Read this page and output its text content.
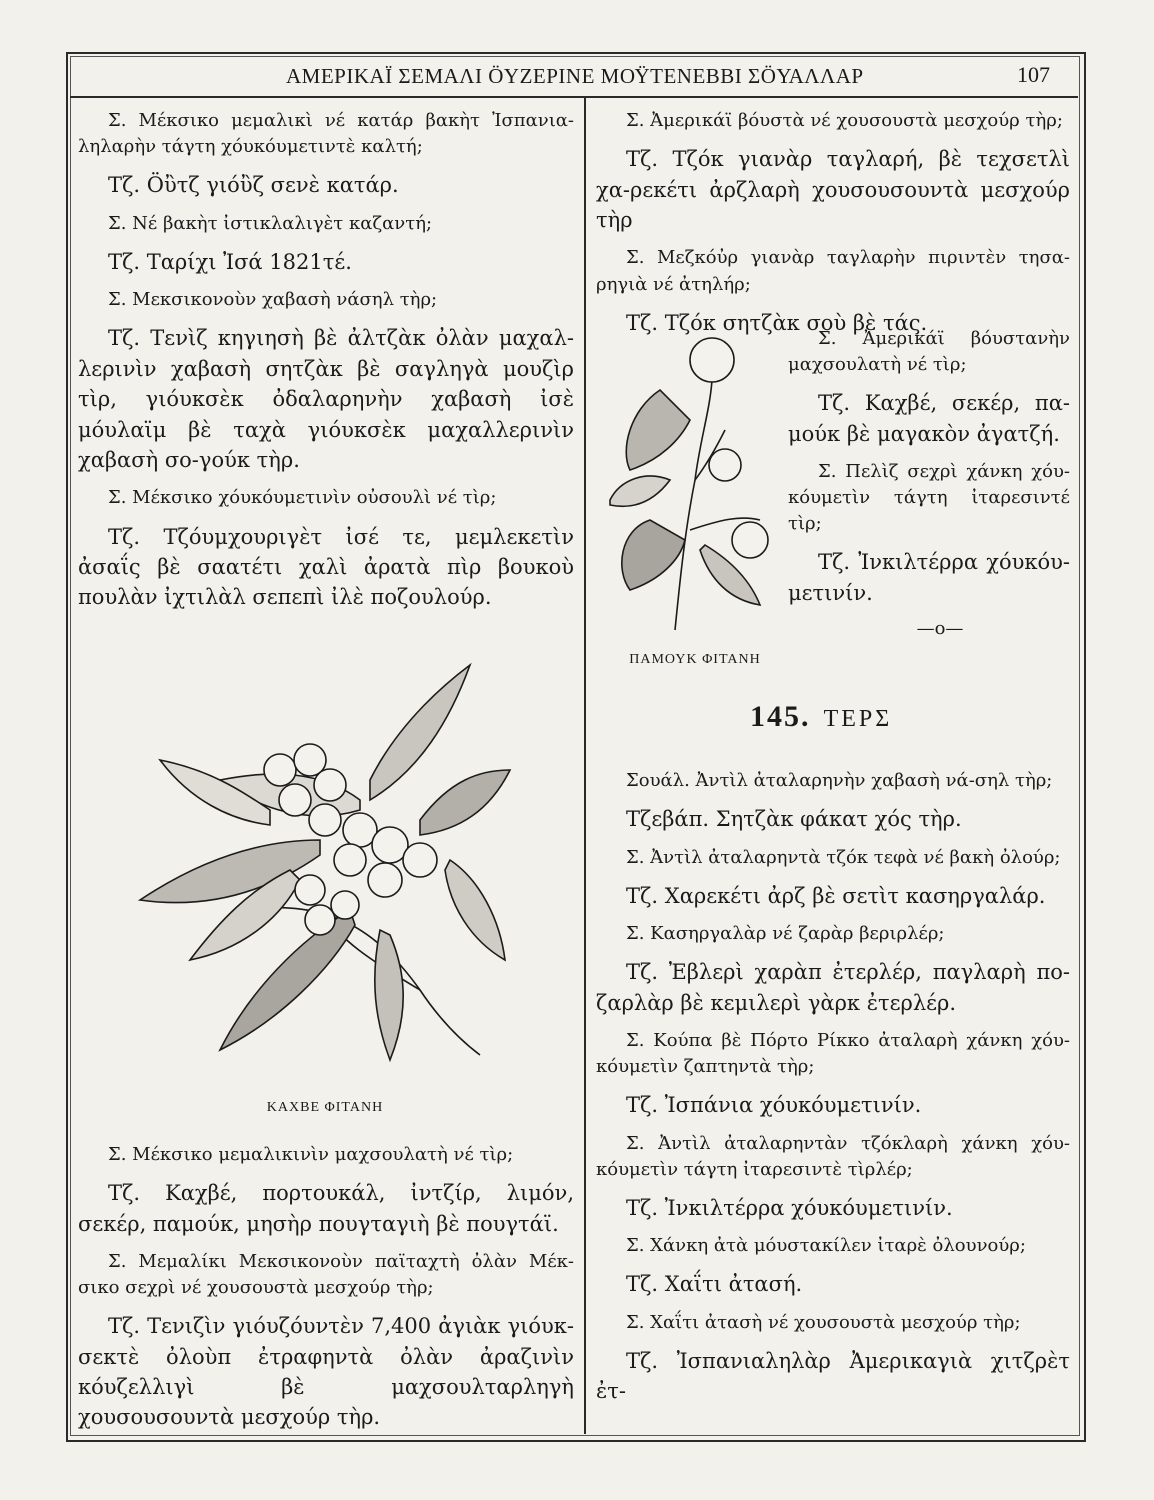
ΑΜΕΡΙΚΑΪ ΣΕΜΑΛΙ ÖΥΖΕΡΙΝΕ ΜΟΫΤΕΝΕΒΒΙ ΣÖΥΑΛΛΑΡ	107

Σ. Μέκσικο μεμαλικὶ νέ κατάρ βακὴτ Ἰσπανια-ληλαρὴν τάγτη χόυκόυμετιντὲ καλτή;

Τζ. Öὒτζ γιόὒζ σενὲ κατάρ.

Σ. Νέ βακὴτ ἰστικλαλιγὲτ καζαντή;

Τζ. Ταρίχι Ἰσά 1821τέ.

Σ. Μεκσικονοὺν χαβασὴ νάσηλ τὴρ;

Τζ. Τενὶζ κηγιησὴ βὲ ἀλτζὰκ ὀλὰν μαχαλ-λερινὶν χαβασὴ σητζὰκ βὲ σαγληγὰ μουζὶρ τὶρ, γιόυκσὲκ ὀδαλαρηνὴν χαβασὴ ἰσὲ μόυλαϊμ βὲ ταχὰ γιόυκσὲκ μαχαλλερινὶν χαβασὴ σο-γούκ τὴρ.

Σ. Μέκσικο χόυκόυμετινὶν οὐσουλὶ νέ τὶρ;

Τζ. Τζόυμχουριγὲτ ἰσέ τε, μεμλεκετὶν ἀσαΐς βὲ σαατέτι χαλὶ ἀρατὰ πὶρ βουκοὺ πουλὰν ἰχτιλὰλ σεπεπὶ ἰλὲ ποζουλούρ.

ΚΑΧΒΕ ΦΙΤΑΝΗ

Σ. Μέκσικο μεμαλικινὶν μαχσουλατὴ νέ τὶρ;

Τζ. Καχβέ, πορτουκάλ, ἰντζίρ, λιμόν, σεκέρ, παμούκ, μησὴρ πουγταγιὴ βὲ πουγτάϊ.

Σ. Μεμαλίκι Μεκσικονοὺν παϊταχτὴ ὀλὰν Μέκ-σικο σεχρὶ νέ χουσουστὰ μεσχούρ τὴρ;

Τζ. Τενιζὶν γιόυζόυντὲν 7,400 ἀγιὰκ γιόυκ-σεκτὲ ὀλοὺπ ἐτραφηντὰ ὀλὰν ἀραζινὶν κόυζελλιγὶ βὲ μαχσουλταρληγὴ χουσουσουντὰ μεσχούρ τὴρ.

Σ. Ἀμερικάϊ βόυστὰ νέ χουσουστὰ μεσχούρ τὴρ;

Τζ. Τζόκ γιανὰρ ταγλαρή, βὲ τεχσετλὶ χα-ρεκέτι ἀρζλαρὴ χουσουσουντὰ μεσχούρ τὴρ

Σ. Μεζκόὐρ γιανὰρ ταγλαρὴν πιριντὲν τησα-ρηγιὰ νέ ἀτηλήρ;

Τζ. Τζόκ σητζὰκ σοὺ βὲ τάς.

Σ. Ἀμερικάϊ βόυστανὴν μαχσουλατὴ νέ τὶρ;

Τζ. Καχβέ, σεκέρ, πα-μούκ βὲ μαγακὸν ἀγατζή.

Σ. Πελὶζ σεχρὶ χάνκη χόυ-κόυμετὶν τάγτη ἰταρεσιντέ τὶρ;

Τζ. Ἰνκιλτέρρα χόυκόυ-μετινίν.

—o—
ΠΑΜΟΥΚ ΦΙΤΑΝΗ
145. ΤΕΡΣ

Σουάλ. Ἀντὶλ ἀταλαρηνὴν χαβασὴ νά-σηλ τὴρ;

Τζεβάπ. Σητζὰκ φάκατ χός τὴρ.

Σ. Ἀντὶλ ἀταλαρηντὰ τζόκ τεφὰ νέ βακὴ ὀλούρ;

Τζ. Χαρεκέτι ἀρζ βὲ σετὶτ κασηργαλάρ.

Σ. Κασηργαλὰρ νέ ζαρὰρ βεριρλέρ;

Τζ. Ἐβλερὶ χαρὰπ ἐτερλέρ, παγλαρὴ πο-ζαρλὰρ βὲ κεμιλερὶ γὰρκ ἐτερλέρ.

Σ. Κούπα βὲ Πόρτο Ρίκκο ἀταλαρὴ χάνκη χόυ-κόυμετὶν ζαπτηντὰ τὴρ;

Τζ. Ἰσπάνια χόυκόυμετινίν.

Σ. Ἀντὶλ ἀταλαρηντὰν τζόκλαρὴ χάνκη χόυ-κόυμετὶν τάγτη ἰταρεσιντὲ τὶρλέρ;

Τζ. Ἰνκιλτέρρα χόυκόυμετινίν.

Σ. Χάνκη ἀτὰ μόυστακίλεν ἰταρὲ ὀλουνούρ;

Τζ. Χαΐτι ἀτασή.

Σ. Χαΐτι ἀτασὴ νέ χουσουστὰ μεσχούρ τὴρ;

Τζ. Ἰσπανιαληλὰρ Ἀμερικαγιὰ χιτζρὲτ ἐτ-
